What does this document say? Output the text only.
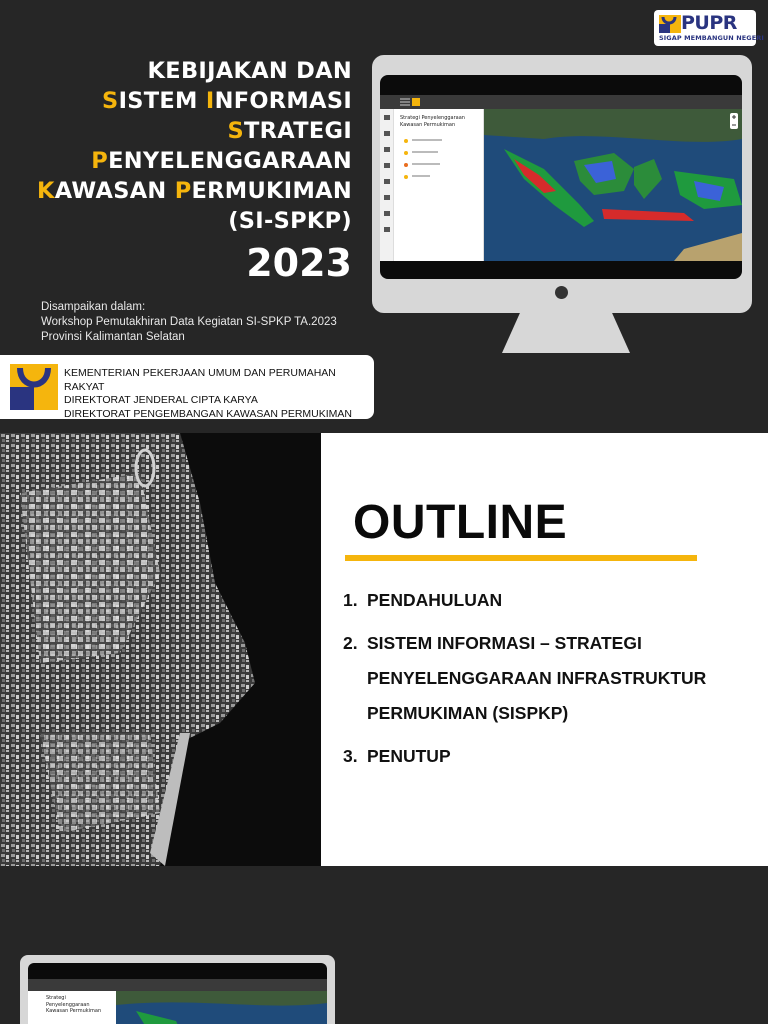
PUPR
SIGAP MEMBANGUN NEGERI
KEBIJAKAN DAN
SISTEM INFORMASI
STRATEGI
PENYELENGGARAAN
KAWASAN PERMUKIMAN
(SI-SPKP)
2023
Disampaikan dalam:
Workshop Pemutakhiran Data Kegiatan SI-SPKP TA.2023
Provinsi Kalimantan Selatan
KEMENTERIAN PEKERJAAN UMUM DAN PERUMAHAN RAKYAT
DIREKTORAT JENDERAL CIPTA KARYA
DIREKTORAT PENGEMBANGAN KAWASAN PERMUKIMAN
Strategi Penyelenggaraan Kawasan Permukiman
OUTLINE
1. PENDAHULUAN
2. SISTEM INFORMASI – STRATEGI PENYELENGGARAAN INFRASTRUKTUR PERMUKIMAN (SISPKP)
3. PENUTUP
Strategi Penyelenggaraan Kawasan Permukiman
